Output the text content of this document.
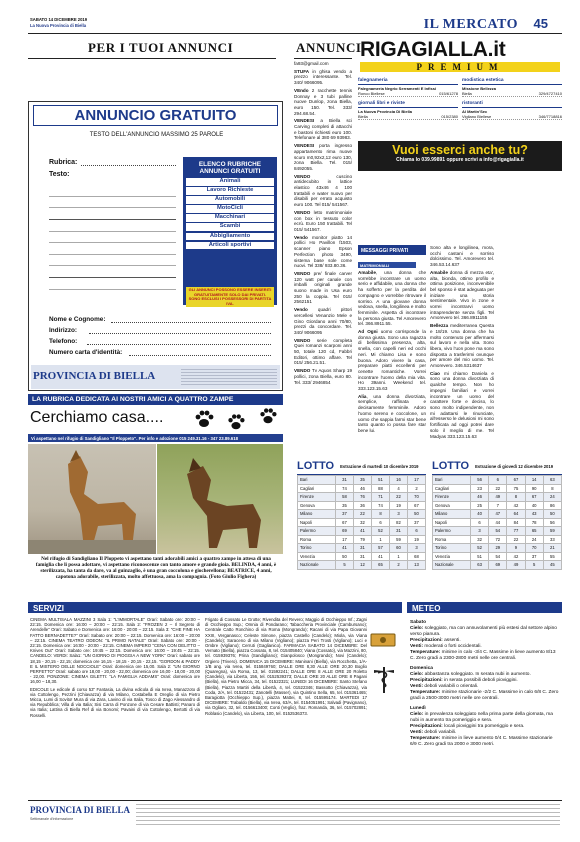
SABATO 14 DICEMBRE 2019
La Nuova Provincia di Biella	IL MERCATO 45
PER I TUOI ANNUNCI
ANNUNCIO GRATUITO
TESTO DELL'ANNUNCIO MASSIMO 25 PAROLE
Rubrica:
Testo:
ELENCO RUBRICHE ANNUNCI GRATUITI
Animali
Lavoro Richieste
Automobili
MotoCicli
Macchinari
Scambi
Abbigliamento
Articoli sportivi
GLI ANNUNCI POSSONO ESSERE INSERITI GRATUITAMENTE SOLO DAI PRIVATI. SONO ESCLUSI I POSSESSORI DI PARTITA IVA.
Nome e Cognome:
Indirizzo:
Telefono:
Numero carta d'identità:
PROVINCIA DI BIELLA
LA RUBRICA DEDICATA AI NOSTRI AMICI A QUATTRO ZAMPE
Cerchiamo casa....
Vi aspettano nel rifugio di Sandigliano "Il Ploppeto". Per info e adozione 015 249.31.16 - 347 23.89.618
Nel rifugio di Sandigliano Il Ploppeto vi aspettano tanti adorabili amici a quattro zampe in attesa di una famiglia che li possa adottare, vi aspettano riconoscenze con tanto amore e grande gioia. BELINDA, 4 anni, è sterilizzata, ha tanta da dare, va al guinzaglio, è una gran coccolona e giocherellona; BEATRICE, 4 anni, capotona adorabile, sterilizzata, molto affettuosa, ama la compagnia. (Foto Giulio Fighera)
ANNUNCI
fa93@gmail.com
STUFA in ghisa vendo a prezzo interessante. Tel. 340/ 9066095.
VEndo 2 racchette tennis Donnay e 3 tubi palline nuove Dunlop, zona Biella, euro 150. Tel. 333/ 294.68.54.
VENDESI a Biella sci Carving completi di attacchi e bastoni richiesti euro 100. Telefonare al 380 69 93983.
VENDESI porta ingresso appartamento rima nuove scuro m0,92x2,12 euro 130, zona Biella. Tel. 015/ 8492055.
VENDO cuscino antidecubito in lattice elastico 43x46 4 100 trattabili e water nuovo per disabili per errato acquisto euro 100. Tel 015/ 541567.
VENDO letto matrimoniale con box in tessuto color ecrù. Euro 150 trattabili. Tel 015/ 541567.
Vendo monitor piatto 14 pollici Ho Pavillon f1503, scanner piano Epson Perfection photo 3490, sistema base sole come nuovi. Tel 338/ 933.80.36.
VENDO pre/ finale carver 120 watt per canale con imballi originali grande suono made in Usa euro 250 la coppia. Tel 015/ 2562151
Vendo quadri pittori vercellesi Venanzio Mele e Gino Giordano anni 70/80, prezzi da concordare. Tel. 340/ 9066095
VENDO serie completa Quei romanzi scarponi anni 50, totale 120 cd, Fabbri Editori, ottimo affare. Tel 015/ 256.21.51.
VENDO Tv Aquos Sharp 19 pollici, zona Biella, euro 80. Tel. 333/ 2946854
RIGAGIALLA.it
PREMIUM
falegnameria
Falegnameria Negrio Serramenti E Infissi
Ronco Biellese	015/61278
giornali libri e riviste
La Nuova Provincia Di Biella
Biella	015/2380
modistica estetica
Missione Bellezza
Biella	329/4727410
ristoranti
Al Martin'Sec
Vigliano Biellese	346/7718816
Vuoi esserci anche tu?
Chiama lo 039.99891 oppure scrivi a info@rigagialla.it
MESSAGGI PRIVATI
MATRIMONIALI
Amabile, una donna che vorrebbe incontrare un uomo serio e affidabile, una donna che ha sofferto per la perdita del compagno e vorrebbe ritrovare il sorriso. A una giovane donna vedova, snella, longilinea e molto femminile. Aspetta di incontrare la persona giusta. Tel Amorevero tel. 366.8911.55.
Ad Ogni uomo corrisponde la donna giusta. Sono una ragazza di bellissima presenza, alta, snella, con capelli neri ed occhi neri. Mi chiamo Lisa e sono buona. Adoro vivere la casa, preparare piatti eccellenti per cenette romantiche. Vorrei incontrare l'uomo della mia vita. Ho 39anni. Weekend tel. 333.123.15.63
Alia, una donna divorziata, semplice, raffinata e decisamente femminile. Adoro l'uomo sereno e coccolone, un uomo che sappia farmi star bene tanto quanto io possa fare star bene lui.
Sono alta e longilinea, mora, occhi castani e sorriso dolcissimo. Tel. Amorevero tel. 346.53.14.637
Amabile donna di mezza eta', alta, bionda, ottimo profilo e ottima posizione, inconvenibile bel sponso è stat adeguata per iniziare una storia sentimentale. Vivo in zone e vorrei incontrarvi uomo intraprendente senza figli. Tel Amorevero tel. 366.8911155
Bellezza mediterranea Questa e 18/19. Una donna che ha molto contenuto per affermarsi sul lavoro e nella vita. Sono libera, vivo l'uon pone ma sono disposta a trasferirmi ovunque per amore del mio uomo. Tel. Amorevero. 346.5314637
Ciao mi chiamo Daniela e sono una donna divorziata di qualche tempo. Non ho impegni familiari e vorrei incontrare un uomo del carattere forte e deciso, lo sono molto indipendente, non mi adattarsi le rinunciate, all'esserso le delusioni mi sono fortificata ad oggi potrei dare solo il meglio di me. Tel Madyas 333.123.15.63
LOTTO Estrazione di martedì 10 dicembre 2019
Bari	31	35	51	16	17
Cagliari	74	46	88	4	2
Firenze	58	76	71	22	70
Genova	35	36	74	19	67
Milano	37	22	8	3	50
Napoli	67	32	6	82	37
Palermo	69	41	52	31	6
Roma	17	79	1	59	19
Torino	41	31	57	60	3
Venezia	50	31	41	1	68
Nazionale	5	12	65	2	13
LOTTO Estrazione di giovedì 12 dicembre 2019
Bari	56	6	67	14	63
Cagliari	23	22	75	90	8
Firenze	46	49	8	67	24
Genova	25	7	42	40	86
Milano	40	47	64	43	50
Napoli	6	44	84	78	56
Palermo	3	54	77	65	59
Roma	32	72	22	24	33
Torino	52	29	9	70	21
Venezia	51	54	42	37	55
Nazionale	63	69	49	5	45
SERVIZI
CINEMA MULTISALA MAZZINI 3 Sala 1: "L'IMMORTALE" Orari: Sabato ore: 20:00 – 22:15. Domenica ore: 16:00 – 20:00 – 22:15. Sala 2: "FROZEN 2 – Il Segreto di Arendelle" Orari: Sabato e Domenica ore: 16:00 - 20:00 – 22:15. Sala 3: "CHE FINE HA FATTO BERNADETTE?" Orari: Sabato ore: 20:00 – 22:15. Domenica ore: 16:00 – 20:00 – 22:15. CINEMA TEATRO ODEON: "IL PRIMO NATALE" Orari: Sabato ore: 20:00 - 22:15. Domenica ore: 16:00 - 20:00 - 22:15. CINEMA IMPERO "CENA CON DELITTO – Knives Out" Orari: Sabato ore: 19:45 – 22:15. Domenica ore: 16:00 – 19:45 – 22:15. CANDELO: VERDI: Sala1: "UN GIORNO DI PIOGGIA A NEW YORK" Orari: sabato ore 18,15 - 20,15 - 22,15; domenica ore 16,15 - 18,15 - 20,15 - 22,15. "GORDON & PADDY E IL MISTERO DELLE NOCCIOLE" Orari: domenica ore 15,00. Sala 2: "UN GIORNO PERFETTO" Orari: sabato ore 18,00 - 20,00 - 22,00; domenica ore 16,00 - 18,00 - 20,00 - 22,00. PONZONE: CINEMA GILETTI: "LA FAMIGLIA ADDAMS" Orari: domenica ore 16,00 – 18,30.
EDICOLE Le edicole di corso 53" Fantasia, La divina edicola di via Ivrea, Manazzoto di via Cottolengo, Pezzini (Chiavazza) di via Milano, Costabella E Oreglio di via Pietro Micca, Lumi di Sovito! Mura di via Zara, Lavino di via Italia, Tosco di Zago Alessandro di via Repubblica; Villa di via Italia; Sisi Carra di Ponzone di via Cesare Battisti; Panaro di via Italia; Lattina di Biella Ref di via Bonomi; Pavaini di via Cottolengo, Bertotti di via Rosselli.
Frigato di Cossato Le Grotte; Rivendita del Revero; Maggio di Occhieppo Inf.; Zagni di Occhieppo Sup.; Omnia di Pondarano; Tabaccheria Provinciale (Cambursano); Centrale Catto Ronchino di via Roma (Mongrando); Racani di via Papa Giovanni XXIII, Verganasco; Celeste Simone, piazza Castello (Candelo); Miola, via Viana (Candelo); Saraceno di via Milano (Vigliano); piazza Peri Trosti (Vigliano); Luci e Ombre (Vigliano); Cerruti (Gaglianico). FARMACIA SABATO 14 DICEMBRE: Del Vernato (Biella), piazza Cossato, 8, tel. 015405840; Viana (Cossato), via Mazzini, 80, tel. 015939376; Prina (Sandigliano); Gianpolosco (Mongrando); Novi (Candelo); Orgiero (Trivero). DOMENICA 15 DICEMBRE: Maninani (Biella), via Rocchetta, 1/A-1/B ang. via Ivrea, tel. 015849760; DALLE ORE 8,30 ALLE ORE 20,30 Boglio (Quaregna), via Roma, 13, tel. 01592241; DALLE ORE 8 ALLE ORE 20 Roletto (Candelo), via Liberta, 156, tel. 0152539373; DALLE ORE 20 ALLE ORE 8 Pagani (Biella), via Pietro Micca, 34, tel. 01522321; LUNEDI 16 DICEMBRE: Santo Stefano (Biella), Piazza Martiri della Libertà, 4, tel. 01522346; Bassotto (Chiavazza), via Coda, 2/A, tel. 01522431; Zanotelli (Masser), via Quintino Sella, 65, tel. 015361465; Baragiotta (Occhieppo Sup.), piazza Mattei, 8, tel. 015595174. MARTEDI 17 DICEMBRE: Trabaldo (Biella), via Ivrea, 63/A, tel. 0154051991; Salvadi (Pavignano), via Ogliaro, 32, tel. 0156613400; Conti (Veglio), fraz. Romanda, 36, tel. 015702891; Roblasio (Candelo), via Liberta, 100, tel. 0152536373.
METEO
Sabato
Cielo: soleggiato, ma con annuvolamenti più estesi dal settore alpino verso pianura.
Precipitazioni: assenti.
Venti: moderati o forti occidentali.
Temperature: minime in calo -3/4 C. Massime in lieve aumento 8/13 C. Zero gradi a 2300-2800 metri nelle ore centrali.
Domenica
Cielo: abbastanza soleggiato. In serata nubi in aumento.
Precipitazioni: in serata possibili deboli pioviggini.
Venti: deboli variabili o orientali.
Temperature: minime stazionarie -2/2 C. Massime in calo 6/8 C. Zero gradi a 2500-3000 metri nelle ore centrali.
Lunedì
Cielo: in prevalenza soleggiato nella prima parte della giornata, ma nubi in aumento tra pomeriggio e sera.
Precipitazioni: locali pioviggini tra pomeriggio e sera.
Venti: deboli variabili.
Temperature: minime in lieve aumento 0/4 C. Massime stazionarie 6/9 C. Zero gradi tra 2000 e 3000 metri.
PROVINCIA DI BIELLA
Settimanale d'informazione
